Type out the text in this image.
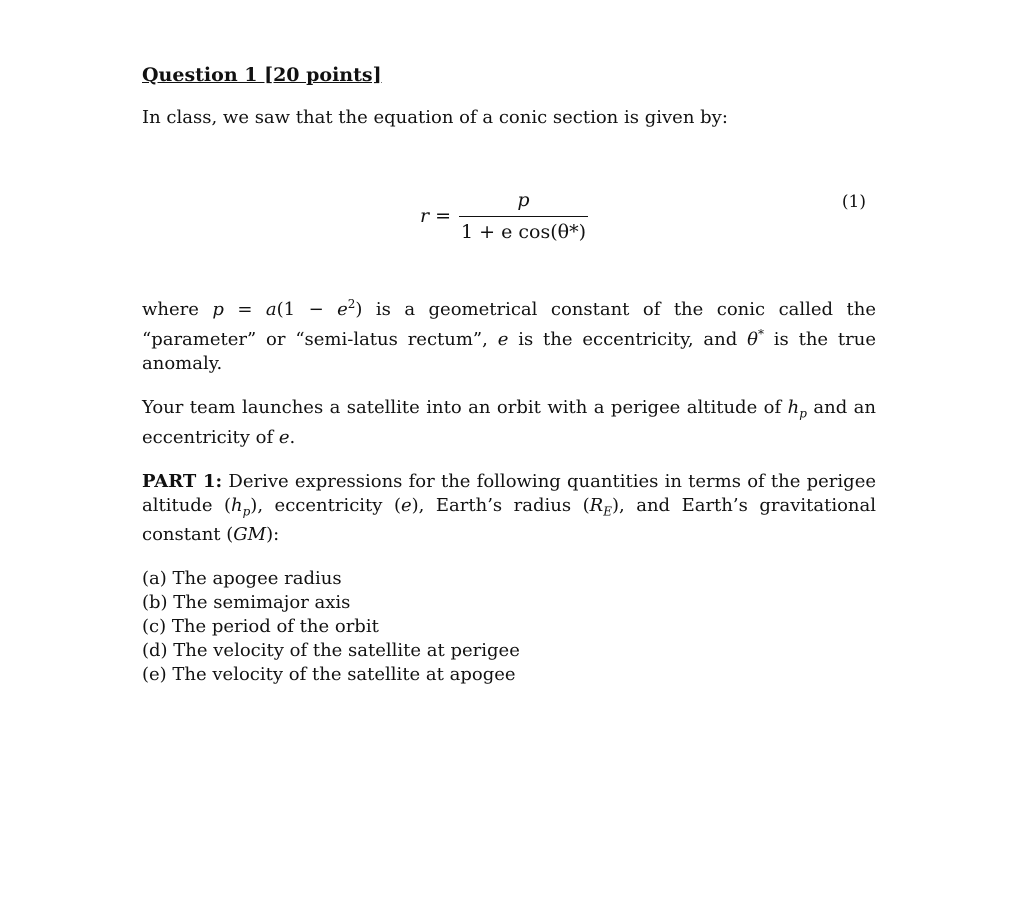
Question 1 [20 points]

In class, we saw that the equation of a conic section is given by:

$r = \frac{p}{\text{1 + e cos(θ*)}}$	(1)

where $p = a(1 - e^2)$ is a geometrical constant of the conic called the “parameter” or “semi-latus rectum”, e is the eccentricity, and θ* is the true anomaly.

Your team launches a satellite into an orbit with a perigee altitude of $h_p$ and an eccentricity of e.

PART 1: Derive expressions for the following quantities in terms of the perigee altitude $(h_p)$, eccentricity (e), Earth’s radius $(R_E)$, and Earth’s gravitational constant (GM):

(a) The apogee radius
(b) The semimajor axis
(c) The period of the orbit
(d) The velocity of the satellite at perigee
(e) The velocity of the satellite at apogee
